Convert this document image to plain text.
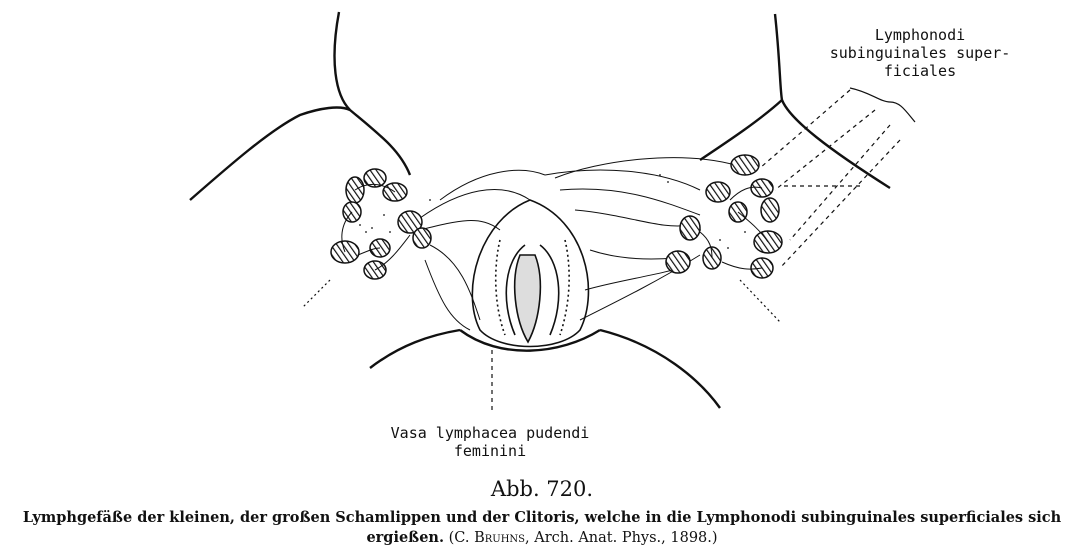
Lymphonodi
subinguinales super-
ficiales
Vasa lymphacea pudendi
feminini
Abb. 720.
Lymphgefäße der kleinen, der großen Schamlippen und der Clitoris, welche in die Lymphonodi subinguinales superficiales sich
ergießen. (C. Bruhns, Arch. Anat. Phys., 1898.)
